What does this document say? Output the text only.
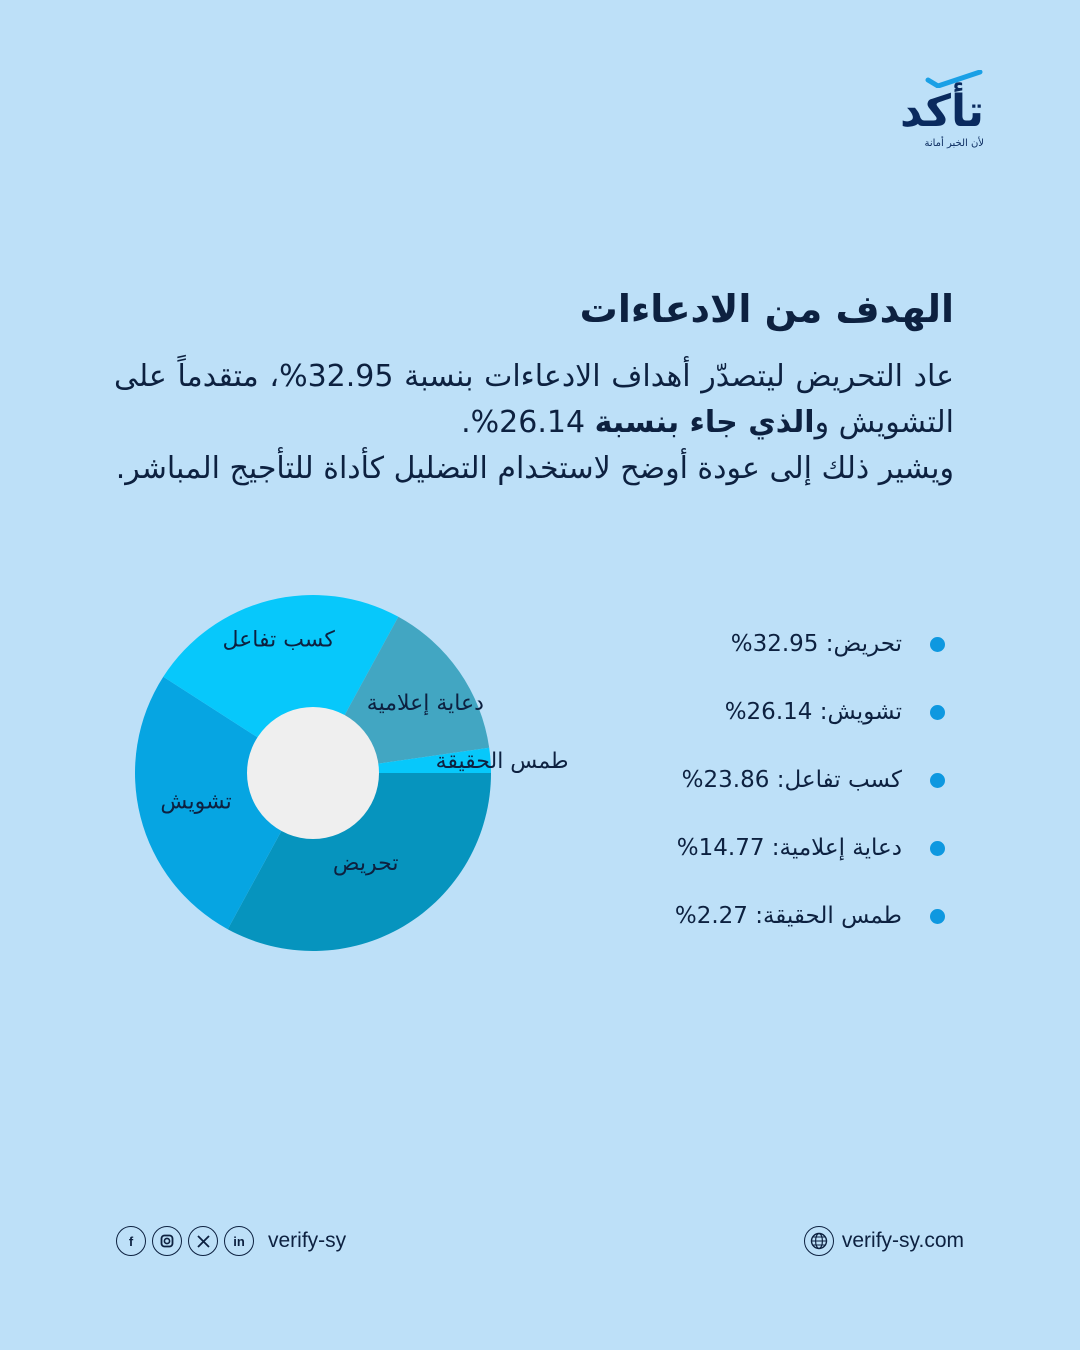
تأكد
لأن الخبر أمانة
الهدف من الادعاءات

عاد التحريض ليتصدّر أهداف الادعاءات بنسبة 32.95%، متقدماً على التشويش والذي جاء بنسبة 26.14%.

ويشير ذلك إلى عودة أوضح لاستخدام التضليل كأداة للتأجيج المباشر.

تحريض
تشويش
كسب تفاعل
دعاية إعلامية
طمس الحقيقة
تحريض: 32.95%
تشويش: 26.14%
كسب تفاعل: 23.86%
دعاية إعلامية: 14.77%
طمس الحقيقة: 2.27%
f	in	verify-sy	verify-sy.com
